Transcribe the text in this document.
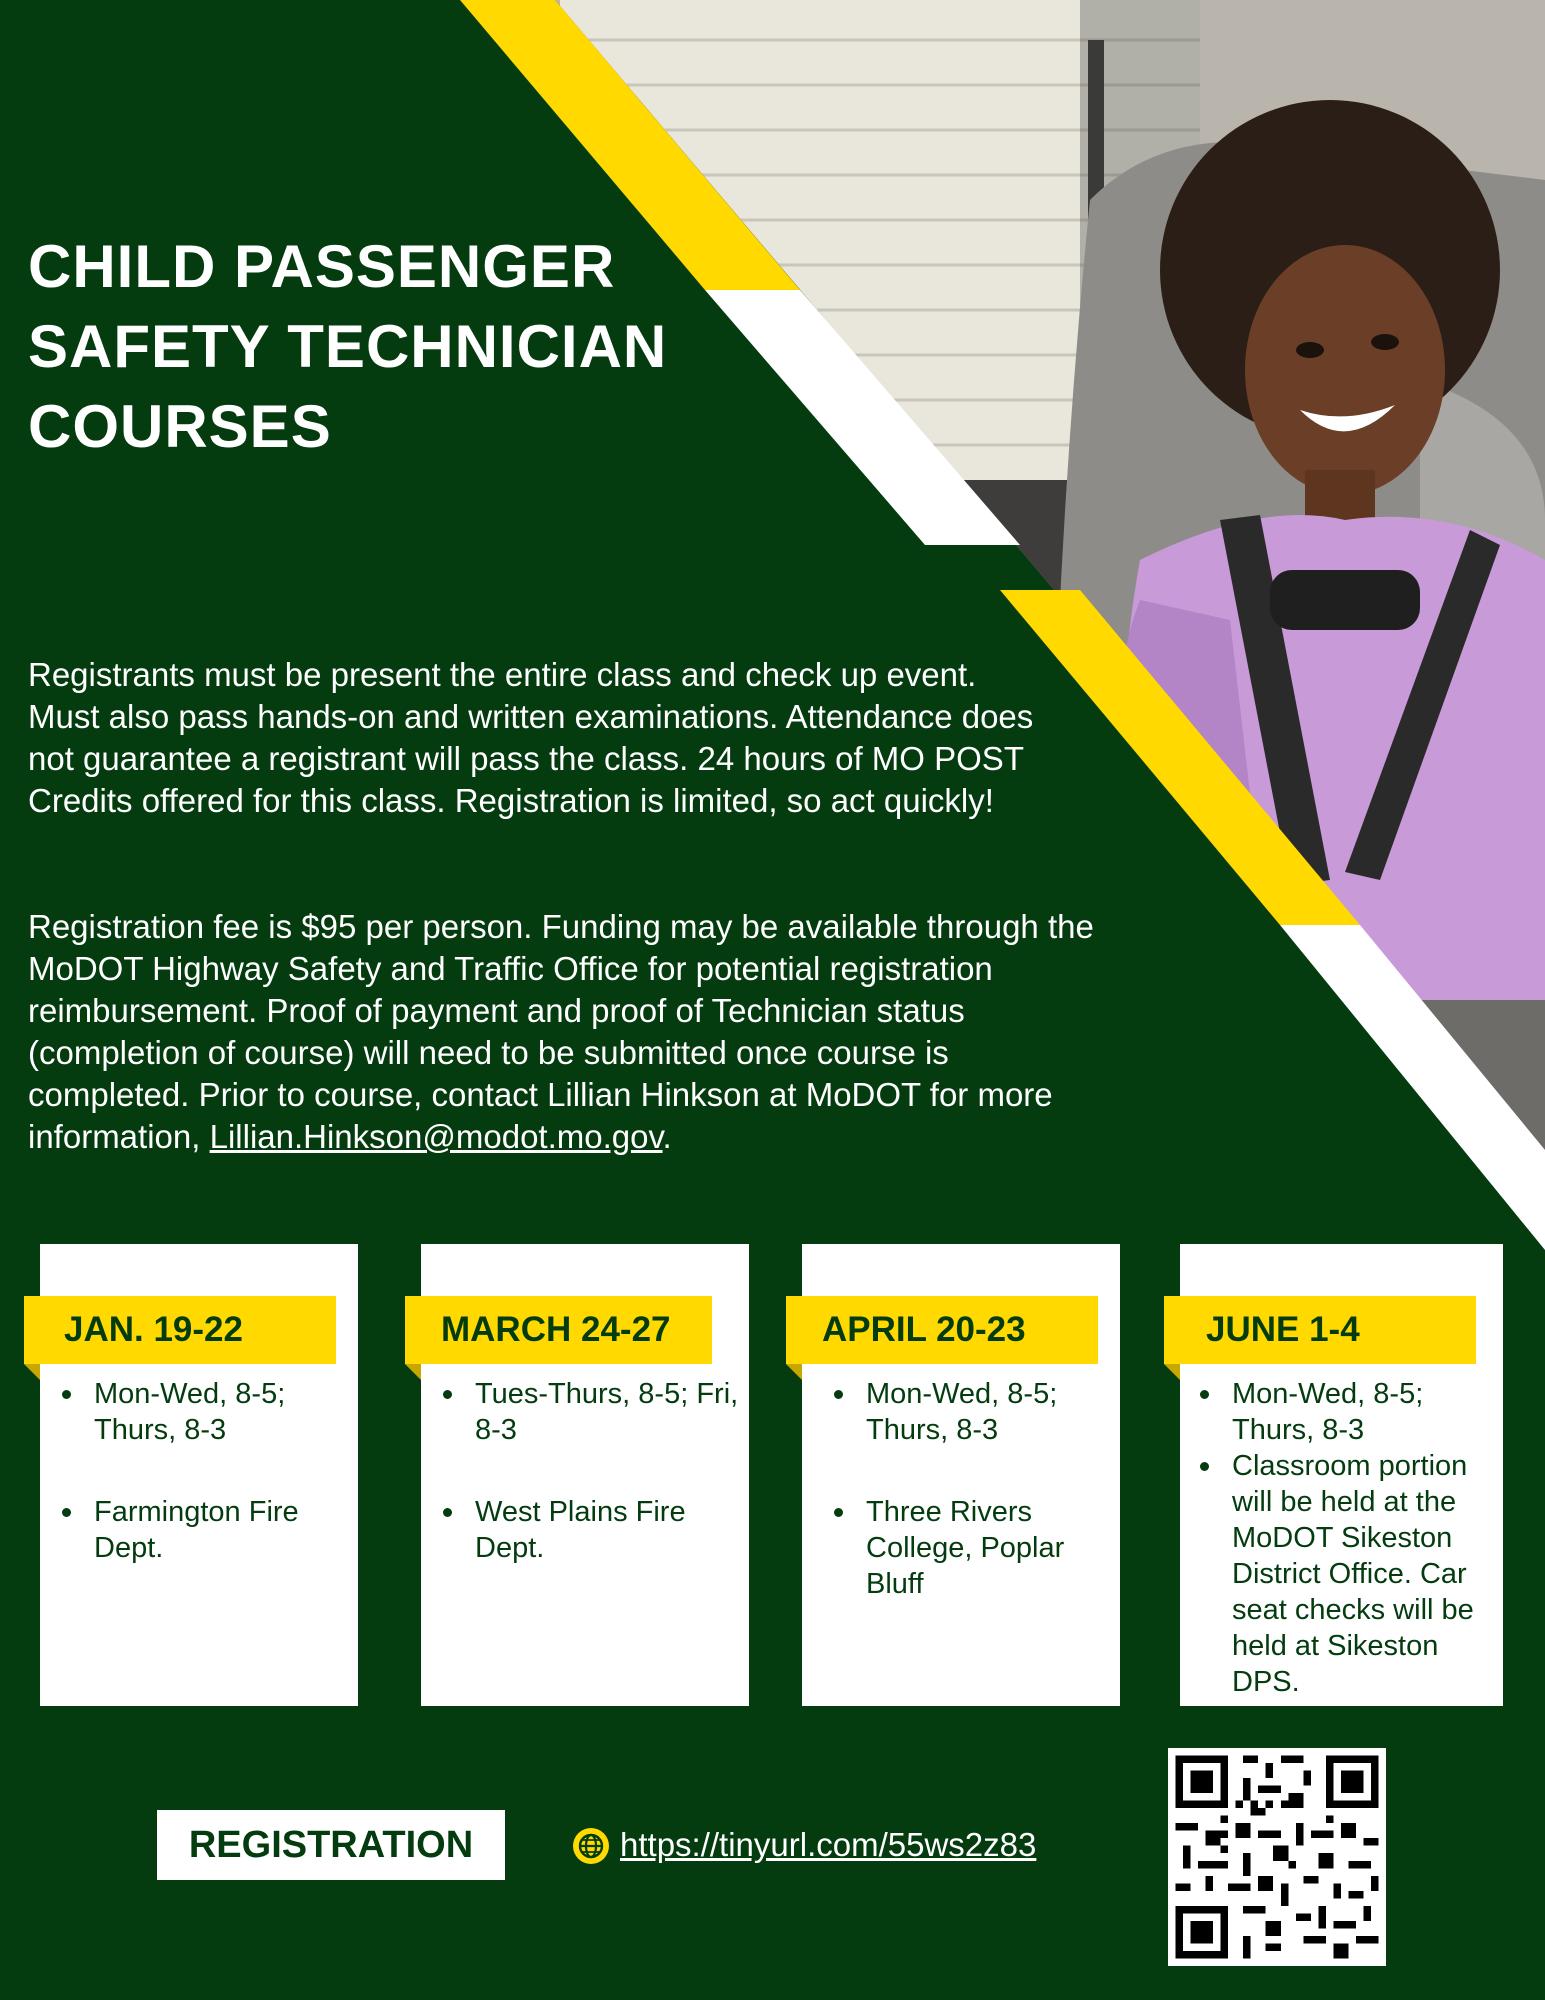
CHILD PASSENGER
SAFETY TECHNICIAN
COURSES

Registrants must be present the entire class and check up event. Must also pass hands-on and written examinations. Attendance does not guarantee a registrant will pass the class. 24 hours of MO POST Credits offered for this class. Registration is limited, so act quickly!

Registration fee is $95 per person. Funding may be available through the MoDOT Highway Safety and Traffic Office for potential registration reimbursement. Proof of payment and proof of Technician status (completion of course) will need to be submitted once course is completed. Prior to course, contact Lillian Hinkson at MoDOT for more information, Lillian.Hinkson@modot.mo.gov.

Mon-Wed, 8-5; Thurs, 8-3
Farmington Fire Dept.
JAN. 19-22
Tues-Thurs, 8-5; Fri, 8-3
West Plains Fire Dept.
MARCH 24-27
Mon-Wed, 8-5; Thurs, 8-3
Three Rivers College, Poplar Bluff
APRIL 20-23
Mon-Wed, 8-5; Thurs, 8-3
Classroom portion will be held at the MoDOT Sikeston District Office. Car seat checks will be held at Sikeston DPS.
JUNE 1-4
REGISTRATION	https://tinyurl.com/55ws2z83
